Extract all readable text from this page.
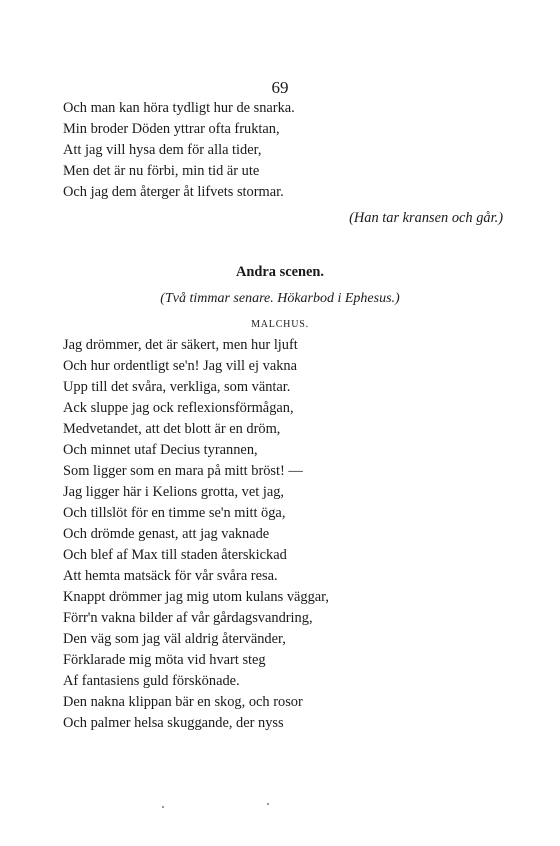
69
Och man kan höra tydligt hur de snarka.
Min broder Döden yttrar ofta fruktan,
Att jag vill hysa dem för alla tider,
Men det är nu förbi, min tid är ute
Och jag dem återger åt lifvets stormar.
(Han tar kransen och går.)
Andra scenen.
(Två timmar senare. Hökarbod i Ephesus.)
MALCHUS.
Jag drömmer, det är säkert, men hur ljuft
Och hur ordentligt se'n! Jag vill ej vakna
Upp till det svåra, verkliga, som väntar.
Ack sluppe jag ock reflexionsförmågan,
Medvetandet, att det blott är en dröm,
Och minnet utaf Decius tyrannen,
Som ligger som en mara på mitt bröst! —
Jag ligger här i Kelions grotta, vet jag,
Och tillslöt för en timme se'n mitt öga,
Och drömde genast, att jag vaknade
Och blef af Max till staden återskickad
Att hemta matsäck för vår svåra resa.
Knappt drömmer jag mig utom kulans väggar,
Förr'n vakna bilder af vår gårdagsvandring,
Den väg som jag väl aldrig återvänder,
Förklarade mig möta vid hvart steg
Af fantasiens guld förskönade.
Den nakna klippan bär en skog, och rosor
Och palmer helsa skuggande, der nyss
